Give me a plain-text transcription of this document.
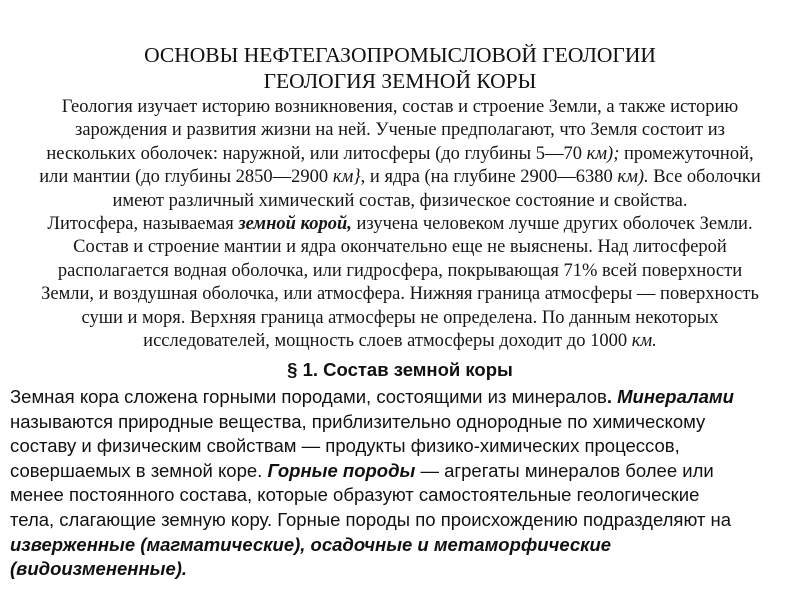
ОСНОВЫ НЕФТЕГАЗОПРОМЫСЛОВОЙ ГЕОЛОГИИ
ГЕОЛОГИЯ ЗЕМНОЙ КОРЫ
Геология изучает историю возникновения, состав и строение Земли, а также историю
зарождения и развития жизни на ней. Ученые предполагают, что Земля состоит из
нескольких оболочек: наружной, или литосферы (до глубины 5—70 км); промежуточной,
или мантии (до глубины 2850—2900 км}, и ядра (на глубине 2900—6380 км). Все оболочки
имеют различный химический состав, физическое состояние и свойства.
Литосфера, называемая земной корой, изучена человеком лучше других оболочек Земли.
Состав и строение мантии и ядра окончательно еще не выяснены. Над литосферой
располагается водная оболочка, или гидросфера, покрывающая 71% всей поверхности
Земли, и воздушная оболочка, или атмосфера. Нижняя граница атмосферы — поверхность
суши и моря. Верхняя граница атмосферы не определена. По данным некоторых
исследователей, мощность слоев атмосферы доходит до 1000 км.
§ 1. Состав земной коры
Земная кора сложена горными породами, состоящими из минералов. Минералами
называются природные вещества, приблизительно однородные по химическому
составу и физическим свойствам — продукты физико-химических процессов,
совершаемых в земной коре. Горные породы — агрегаты минералов более или
менее постоянного состава, которые образуют самостоятельные геологические
тела, слагающие земную кору. Горные породы по происхождению подразделяют на
изверженные (магматические), осадочные и метаморфические
(видоизмененные).
